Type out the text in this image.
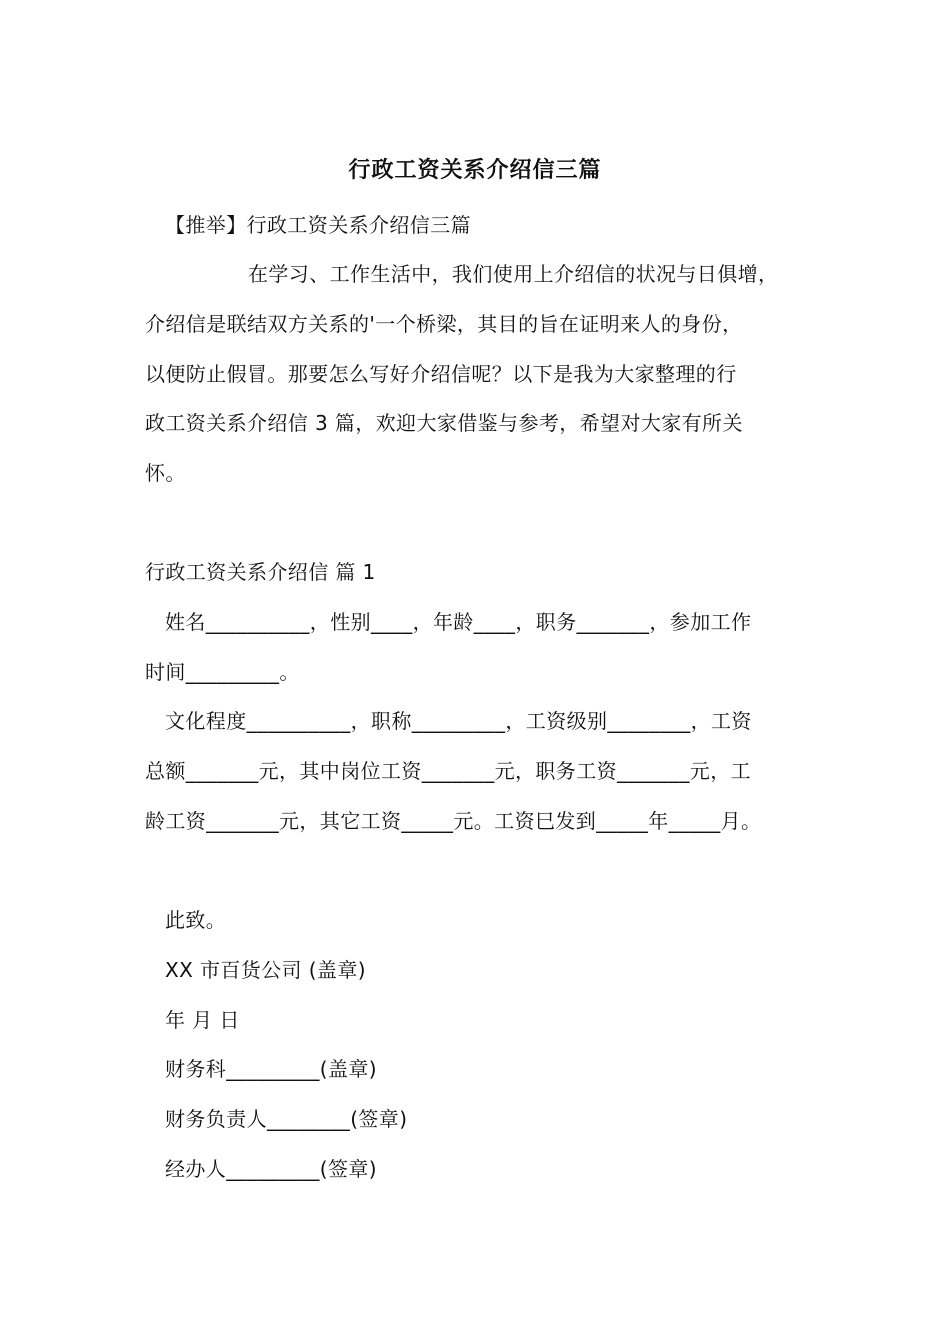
行政工资关系介绍信三篇
【推举】行政工资关系介绍信三篇
在学习、工作生活中，我们使用上介绍信的状况与日俱增，
介绍信是联结双方关系的'一个桥梁，其目的旨在证明来人的身份，
以便防止假冒。那要怎么写好介绍信呢？以下是我为大家整理的行
政工资关系介绍信 3 篇，欢迎大家借鉴与参考，希望对大家有所关
怀。
行政工资关系介绍信 篇 1
姓名__________，性别____，年龄____，职务_______，参加工作
时间_________。
文化程度__________，职称_________，工资级别________，工资
总额_______元，其中岗位工资_______元，职务工资_______元，工
龄工资_______元，其它工资_____元。工资巳发到_____年_____月。
此致。
XX 市百货公司 (盖章)
年 月 日
财务科_________(盖章)
财务负责人________(签章)
经办人_________(签章)
